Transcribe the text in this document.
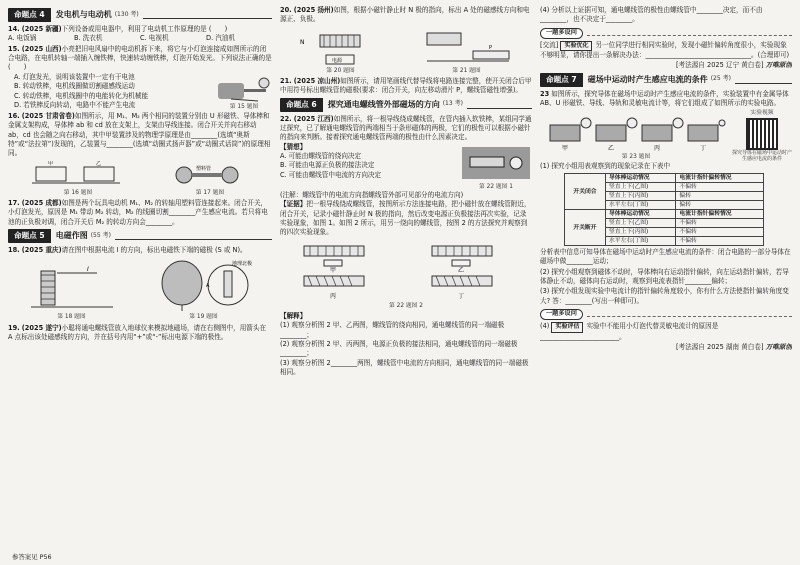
命题点 4	发电机与电动机 (130 考)
14. (2025 新疆)下列设备或用电器中，利用了电动机工作原理的是 (　　)
A. 电饭锅	B. 洗衣机	C. 电视机	D. 汽油机
15. (2025 山西)小亮把旧电风扇中的电动机拆下来，将它与小灯泡连接成如图所示的闭合电路，在电机转轴一端插入缠铁棒，快速转动缠铁棒，灯泡开始发光。下列说法正确的是 (　　)
A. 灯泡发光，说明该装置中一定有干电池
B. 转动铁棒，电机线圈做切割磁感线运动
C. 转动铁棒，电机线圈中的电能转化为机械能
D. 若铁棒反向转动，电路中不能产生电流	第 15 题图
16. (2025 甘肃省卷)如图所示，用 M₁、M₂ 两个相同的装置分别由 U 形磁铁、导体棒和金属支架构成，导体棒 ab 和 cd 放在支架上，支架由导线连接。闭合开关并向右移动 ab，cd 也会随之向右移动，其中甲装置涉及的物理学原理是由________(选填“奥斯特”或“法拉第”)发现的，乙装置与________(选填“动圈式扬声器”或“动圈式话筒”)的原理相同。
甲	乙
第 16 题图
塑料管
第 17 题图
17. (2025 成都)如图是两个玩具电动机 M₁、M₂ 的转轴用塑料管连接起来。闭合开关，小灯泡发光，原因是 M₁ 带动 M₂ 转动，M₂ 的线圈切割________产生感应电流。若只将电池的正负极对调，闭合开关后 M₂ 的转动方向会________。
命题点 5	电磁作图 (55 考)
18. (2025 重庆)请在图中根据电流 I 的方向，标出电磁铁下端的磁极 (S 或 N)。
I
第 18 题图
地理北极
A
第 19 题图
19. (2025 遂宁)小聪将通电螺线管放入地球仪来模拟地磁场，请在右侧图中，用箭头在 A 点标出该处磁感线的方向，并在括号内用“+”或“-”标出电源下端的极性。
20. (2025 扬州)如图，根据小磁针静止时 N 极的指向，标出 A 处的磁感线方向和电源正、负极。
N
电源
第 20 题图
P
第 21 题图
21. (2025 凉山州)如图所示，请用笔画线代替导线将电路连接完整，使开关闭合后甲中用符号标出螺线管的磁极(要求：闭合开关，向左移动滑片 P，螺线管磁性增强)。
命题点 6	探究通电螺线管外部磁场的方向 (13 考)
22. (2025 江西)如图所示，将一根导线绕成螺线管，在管内插入软铁棒，某组同学通过探究，已了解通电螺线管的两端相当于条形磁体的两极，它们的极性可以根据小磁针的指向来判断。接着探究通电螺线管两端的极性由什么因素决定。
【猜想】
A. 可能由螺线管的绕向决定
B. 可能由电源正负极的接法决定
C. 可能由螺线管中电流的方向决定
第 22 题图 1
(注解：螺线管中的电流方向指螺线管外部可见部分的电流方向)
【证据】把一根导线绕成螺线管，按图所示方法连接电路，把小磁针放在螺线管附近，闭合开关，记录小磁针静止时 N 极的指向，然后改变电源正负极接法再次实验，记录实验现象，如图 1。如图 2 所示，用另一绕向的螺线管，按图 2 的方法探究并观察到的四次实验现象。
甲	乙
丙	丁
第 22 题图 2
【解释】
(1) 观察分析图 2 甲、乙两图，螺线管的绕向相同，通电螺线管的同一端磁极________；
(2) 观察分析图 2 甲、丙两图，电源正负极的接法相同，通电螺线管的同一端磁极________；
(3) 观察分析图 2________两图，螺线管中电流的方向相同，通电螺线管的同一端磁极相同。
(4) 分析以上证据可知，通电螺线管的极性由螺线管中________决定，而不由________，也不决定于________。
一题多设问
[交流] 实验优化 另一位同学进行相同实验时，发现小磁针偏转角度很小，实验现象不够明显，请你提出一条解决办法：________________________________。(合理即可)
[考法源自 2025 辽宁 黄白卷] 万唯原创
命题点 7	磁场中运动时产生感应电流的条件 (25 考)
23 如图所示，探究导体在磁场中运动时产生感应电流的条件，实验装置中有金属导体 AB、U 形磁铁、导线、导轨和灵敏电流计等，将它们组成了如图所示的实验电路。
甲	乙	丙	丁
第 23 题图
实验视频
探究导体在磁场中运动时产生感应电流的条件
(1) 探究小组用表观察到的现象记录在下表中
开关闭合	导体棒运动情况	电流计指针偏转情况
	竖直上下(乙图)	不偏转
	竖直上下(丙图)	偏转
	水平左右(丁图)	偏转
开关断开	导体棒运动情况	电流计指针偏转情况
	竖直上下(乙图)	不偏转
	竖直上下(丙图)	不偏转
	水平左右(丁图)	不偏转
分析表中信息可知导体在磁场中运动时产生感应电流的条件：闭合电路的一部分导体在磁场中做________运动；
(2) 探究小组观察到磁体不动时，导体棒向右运动指针偏转，向左运动指针偏转，若导体静止不动，磁体向右运动时，观察到电流表指针________偏转；
(3) 探究小组发现实验中电流计的指针偏转角度较小，你有什么方法使指针偏转角度变大? 答：________(写出一种即可)。
一题多设问
(4) 实验评估 实验中不能用小灯泡代替灵敏电流计的原因是________________________。
[考法源自 2025 湖南 黄白卷] 万唯原创
参答案见 P56
